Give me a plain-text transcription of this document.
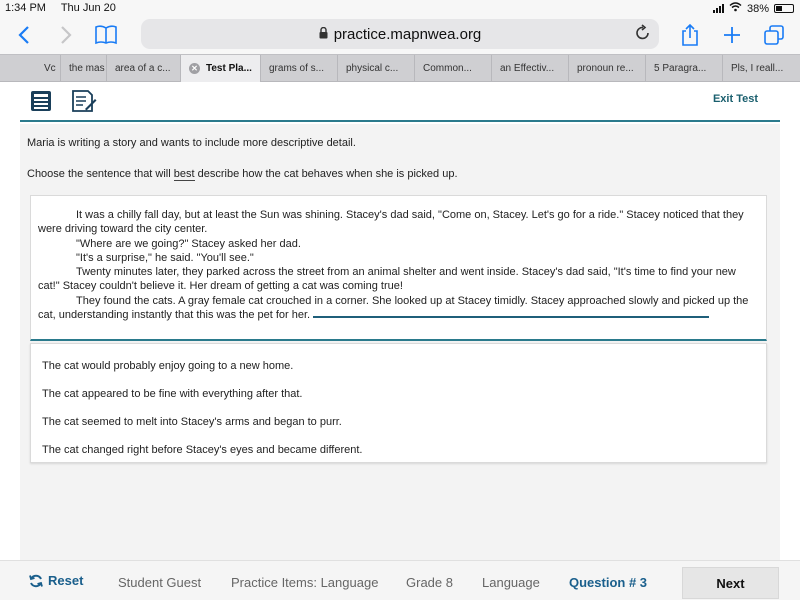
1:34 PM Thu Jun 20	38%
practice.mapnwea.org
Vc the mas area of a c...	✕ Test Pla... grams of s... physical c... Common...	an Effectiv... pronoun re... 5 Paragra... Pls, I reall...
Exit Test
Maria is writing a story and wants to include more descriptive detail.
Choose the sentence that will best describe how the cat behaves when she is picked up.

It was a chilly fall day, but at least the Sun was shining. Stacey's dad said, "Come on, Stacey. Let's go for a ride." Stacey noticed that they were driving toward the city center.

"Where are we going?" Stacey asked her dad.

"It's a surprise," he said. "You'll see."

Twenty minutes later, they parked across the street from an animal shelter and went inside. Stacey's dad said, "It's time to find your new cat!" Stacey couldn't believe it. Her dream of getting a cat was coming true!

They found the cats. A gray female cat crouched in a corner. She looked up at Stacey timidly. Stacey approached slowly and picked up the cat, understanding instantly that this was the pet for her.

The cat would probably enjoy going to a new home.
The cat appeared to be fine with everything after that.
The cat seemed to melt into Stacey's arms and began to purr.
The cat changed right before Stacey's eyes and became different.
Reset	Student Guest Practice Items: Language Grade 8 Language Question # 3	Next
